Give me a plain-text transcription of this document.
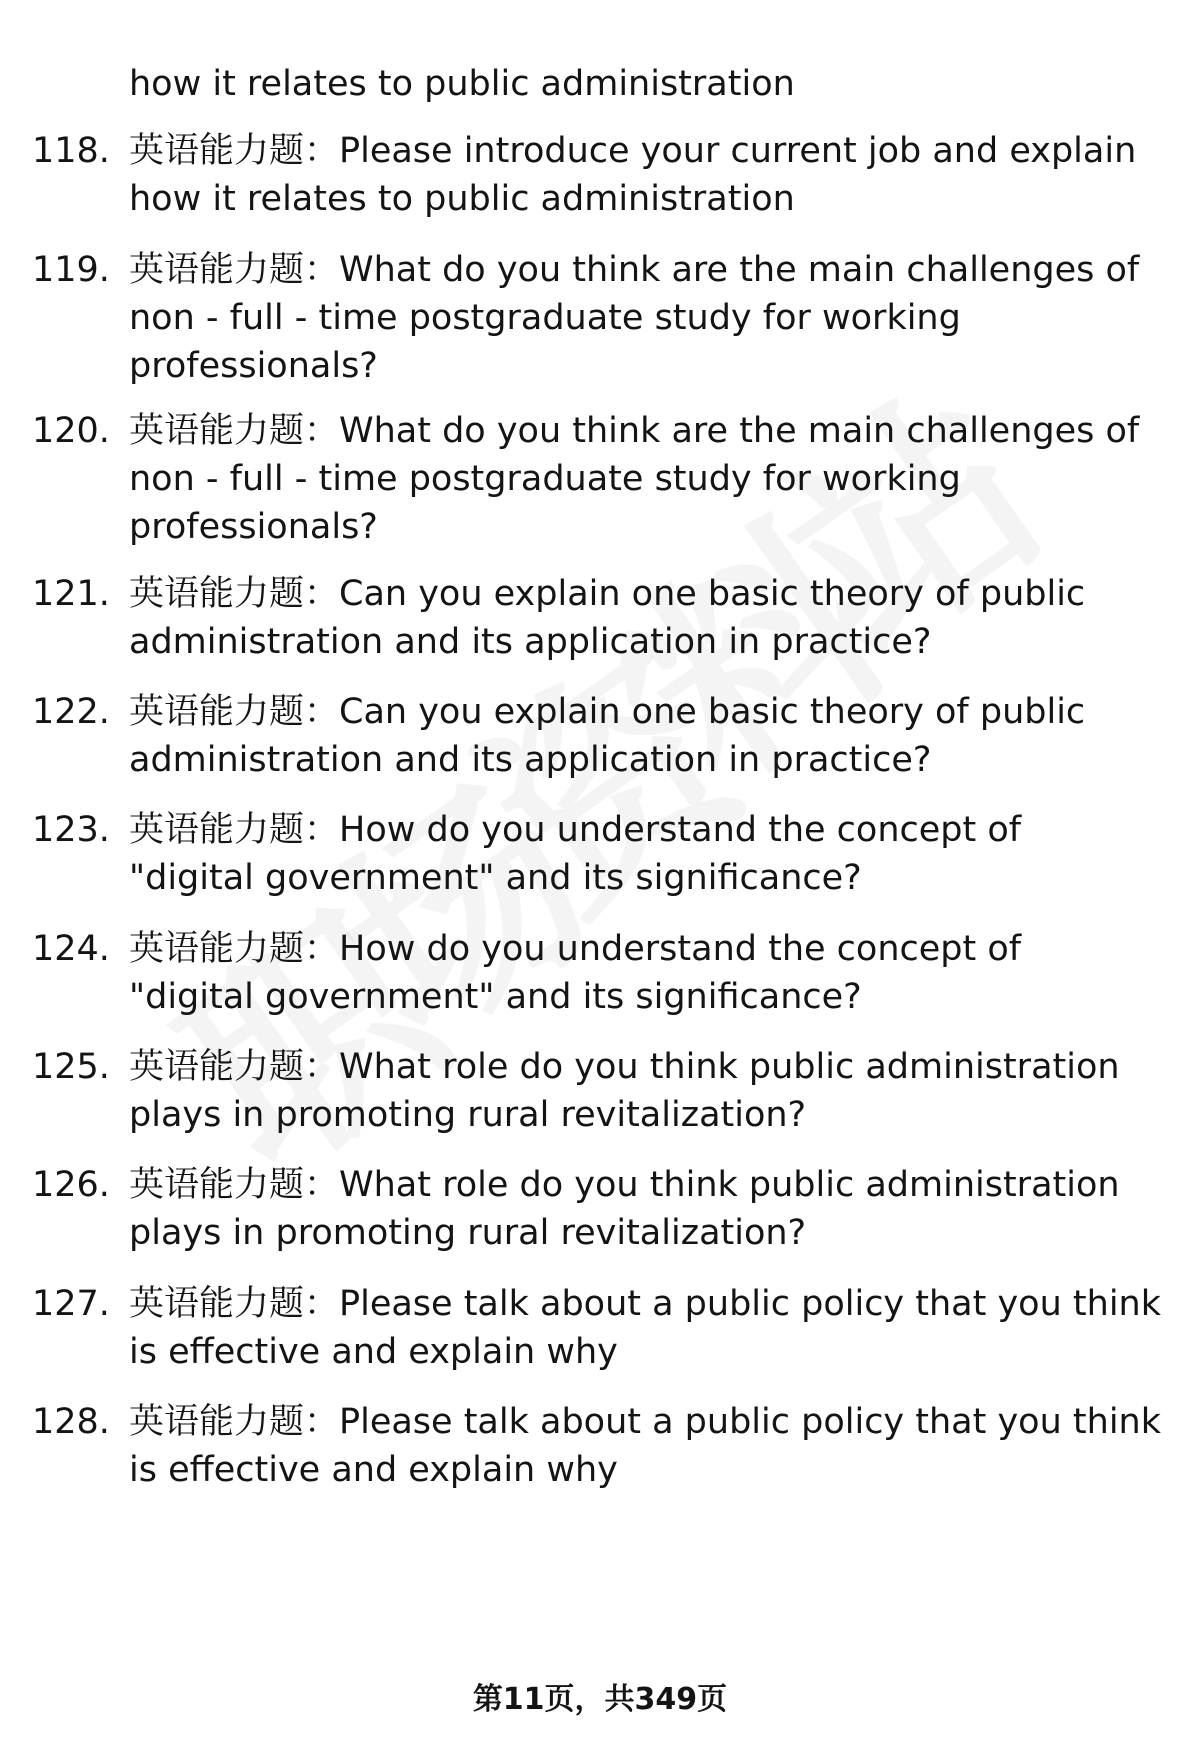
how it relates to public administration
118. 英语能力题：Please introduce your current job and explain
how it relates to public administration
119. 英语能力题：What do you think are the main challenges of
non - full - time postgraduate study for working
professionals?
120. 英语能力题：What do you think are the main challenges of
non - full - time postgraduate study for working
professionals?
121. 英语能力题：Can you explain one basic theory of public
administration and its application in practice?
122. 英语能力题：Can you explain one basic theory of public
administration and its application in practice?
123. 英语能力题：How do you understand the concept of
"digital government" and its significance?
124. 英语能力题：How do you understand the concept of
"digital government" and its significance?
125. 英语能力题：What role do you think public administration
plays in promoting rural revitalization?
126. 英语能力题：What role do you think public administration
plays in promoting rural revitalization?
127. 英语能力题：Please talk about a public policy that you think
is effective and explain why
128. 英语能力题：Please talk about a public policy that you think
is effective and explain why
第11页，共349页
